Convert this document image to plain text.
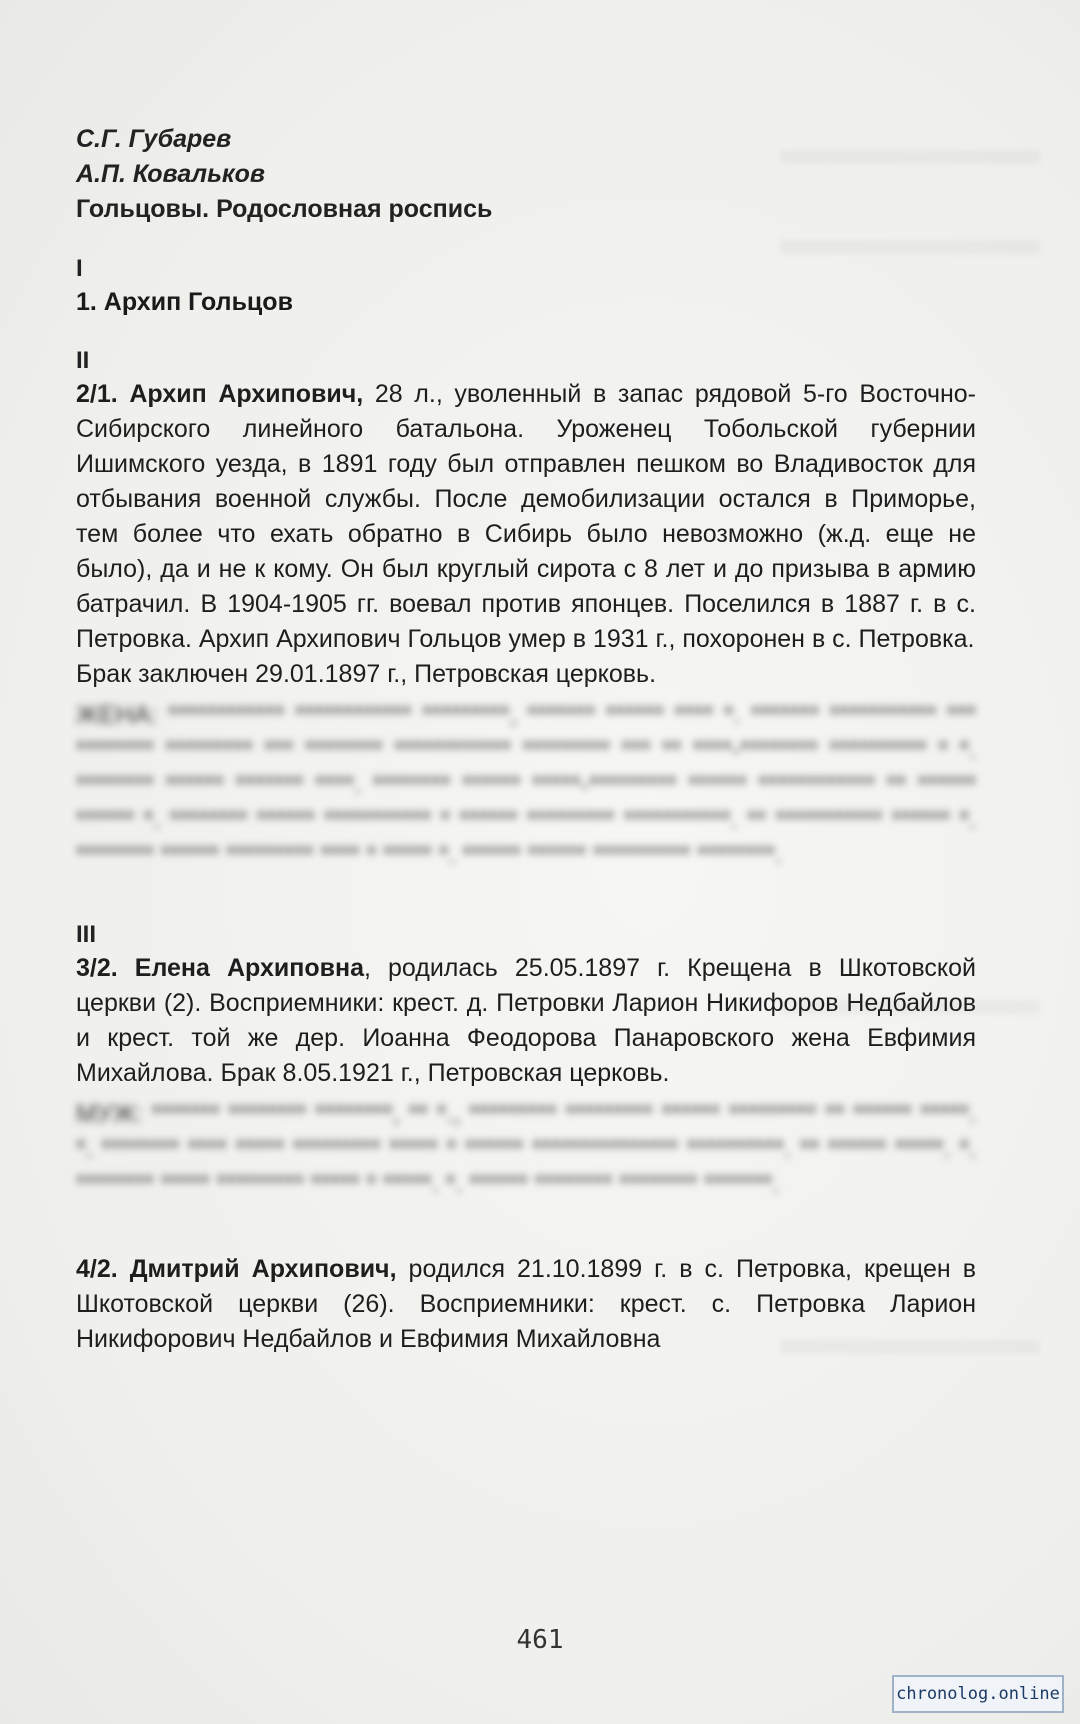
С.Г. Губарев
А.П. Ковальков
Гольцовы. Родословная роспись
I
1. Архип Гольцов
II

2/1. Архип Архипович, 28 л., уволенный в запас рядовой 5-го Восточно-Сибирского линейного батальона. Уроженец Тобольской губернии Ишимского уезда, в 1891 году был отправлен пешком во Владивосток для отбывания военной службы. После демобилизации остался в Приморье, тем более что ехать обратно в Сибирь было невозможно (ж.д. еще не было), да и не к кому. Он был круглый сирота с 8 лет и до призыва в армию батрачил. В 1904-1905 гг. воевал против японцев. Поселился в 1887 г. в с. Петровка. Архип Архипович Гольцов умер в 1931 г., похоронен в с. Петровка.

Брак заключен 29.01.1897 г., Петровская церковь.

ЖЕНА: ************ ************ *********, ******* ****** **** *. ******* *********** *** ******** ********* *** ******** ************ ********* *** ** ****-******** ********** * *. ******** ****** ******* ****. ******** ****** *****-********* ****** ************ ** ****** ****** *. ******** ****** *********** * ****** ********* ***********. ** *********** ****** *. ******** ****** ********* **** * ***** *. ****** ****** ********** ********.

III

3/2. Елена Архиповна, родилась 25.05.1897 г. Крещена в Шкотовской церкви (2). Восприемники: крест. д. Петровки Ларион Никифоров Недбайлов и крест. той же дер. Иоанна Феодорова Панаровского жена Евфимия Михайлова. Брак 8.05.1921 г., Петровская церковь.

МУЖ: ******* ******** ********, ** *., ********* ********* ****** ********* ** ****** *****. *. ******** **** ***** ********* ***** * ****** *************** **********. ** ****** *****. *. ******** ***** ********* ***** * *****. *. ****** ******** ******** *******.

4/2. Дмитрий Архипович, родился 21.10.1899 г. в с. Петровка, крещен в Шкотовской церкви (26). Восприемники: крест. с. Петровка Ларион Никифорович Недбайлов и Евфимия Михайловна

461
chronolog.online
